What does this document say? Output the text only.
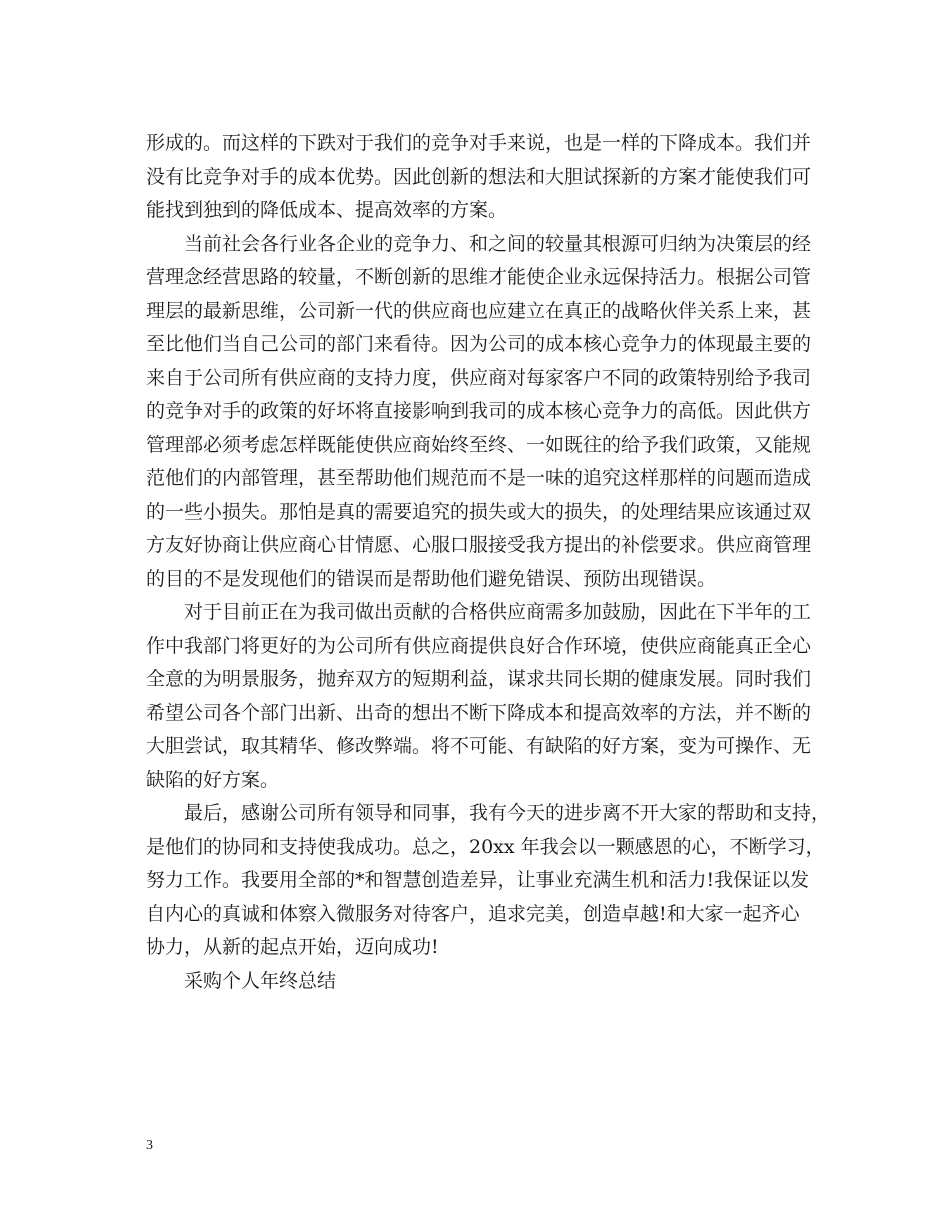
形成的。而这样的下跌对于我们的竞争对手来说，也是一样的下降成本。我们并
没有比竞争对手的成本优势。因此创新的想法和大胆试探新的方案才能使我们可
能找到独到的降低成本、提高效率的方案。
当前社会各行业各企业的竞争力、和之间的较量其根源可归纳为决策层的经
营理念经营思路的较量，不断创新的思维才能使企业永远保持活力。根据公司管
理层的最新思维，公司新一代的供应商也应建立在真正的战略伙伴关系上来，甚
至比他们当自己公司的部门来看待。因为公司的成本核心竞争力的体现最主要的
来自于公司所有供应商的支持力度，供应商对每家客户不同的政策特别给予我司
的竞争对手的政策的好坏将直接影响到我司的成本核心竞争力的高低。因此供方
管理部必须考虑怎样既能使供应商始终至终、一如既往的给予我们政策，又能规
范他们的内部管理，甚至帮助他们规范而不是一味的追究这样那样的问题而造成
的一些小损失。那怕是真的需要追究的损失或大的损失，的处理结果应该通过双
方友好协商让供应商心甘情愿、心服口服接受我方提出的补偿要求。供应商管理
的目的不是发现他们的错误而是帮助他们避免错误、预防出现错误。
对于目前正在为我司做出贡献的合格供应商需多加鼓励，因此在下半年的工
作中我部门将更好的为公司所有供应商提供良好合作环境，使供应商能真正全心
全意的为明景服务，抛弃双方的短期利益，谋求共同长期的健康发展。同时我们
希望公司各个部门出新、出奇的想出不断下降成本和提高效率的方法，并不断的
大胆尝试，取其精华、修改弊端。将不可能、有缺陷的好方案，变为可操作、无
缺陷的好方案。
最后，感谢公司所有领导和同事，我有今天的进步离不开大家的帮助和支持，
是他们的协同和支持使我成功。总之，20xx 年我会以一颗感恩的心，不断学习，
努力工作。我要用全部的*和智慧创造差异，让事业充满生机和活力!我保证以发
自内心的真诚和体察入微服务对待客户，追求完美，创造卓越!和大家一起齐心
协力，从新的起点开始，迈向成功!
采购个人年终总结
3
